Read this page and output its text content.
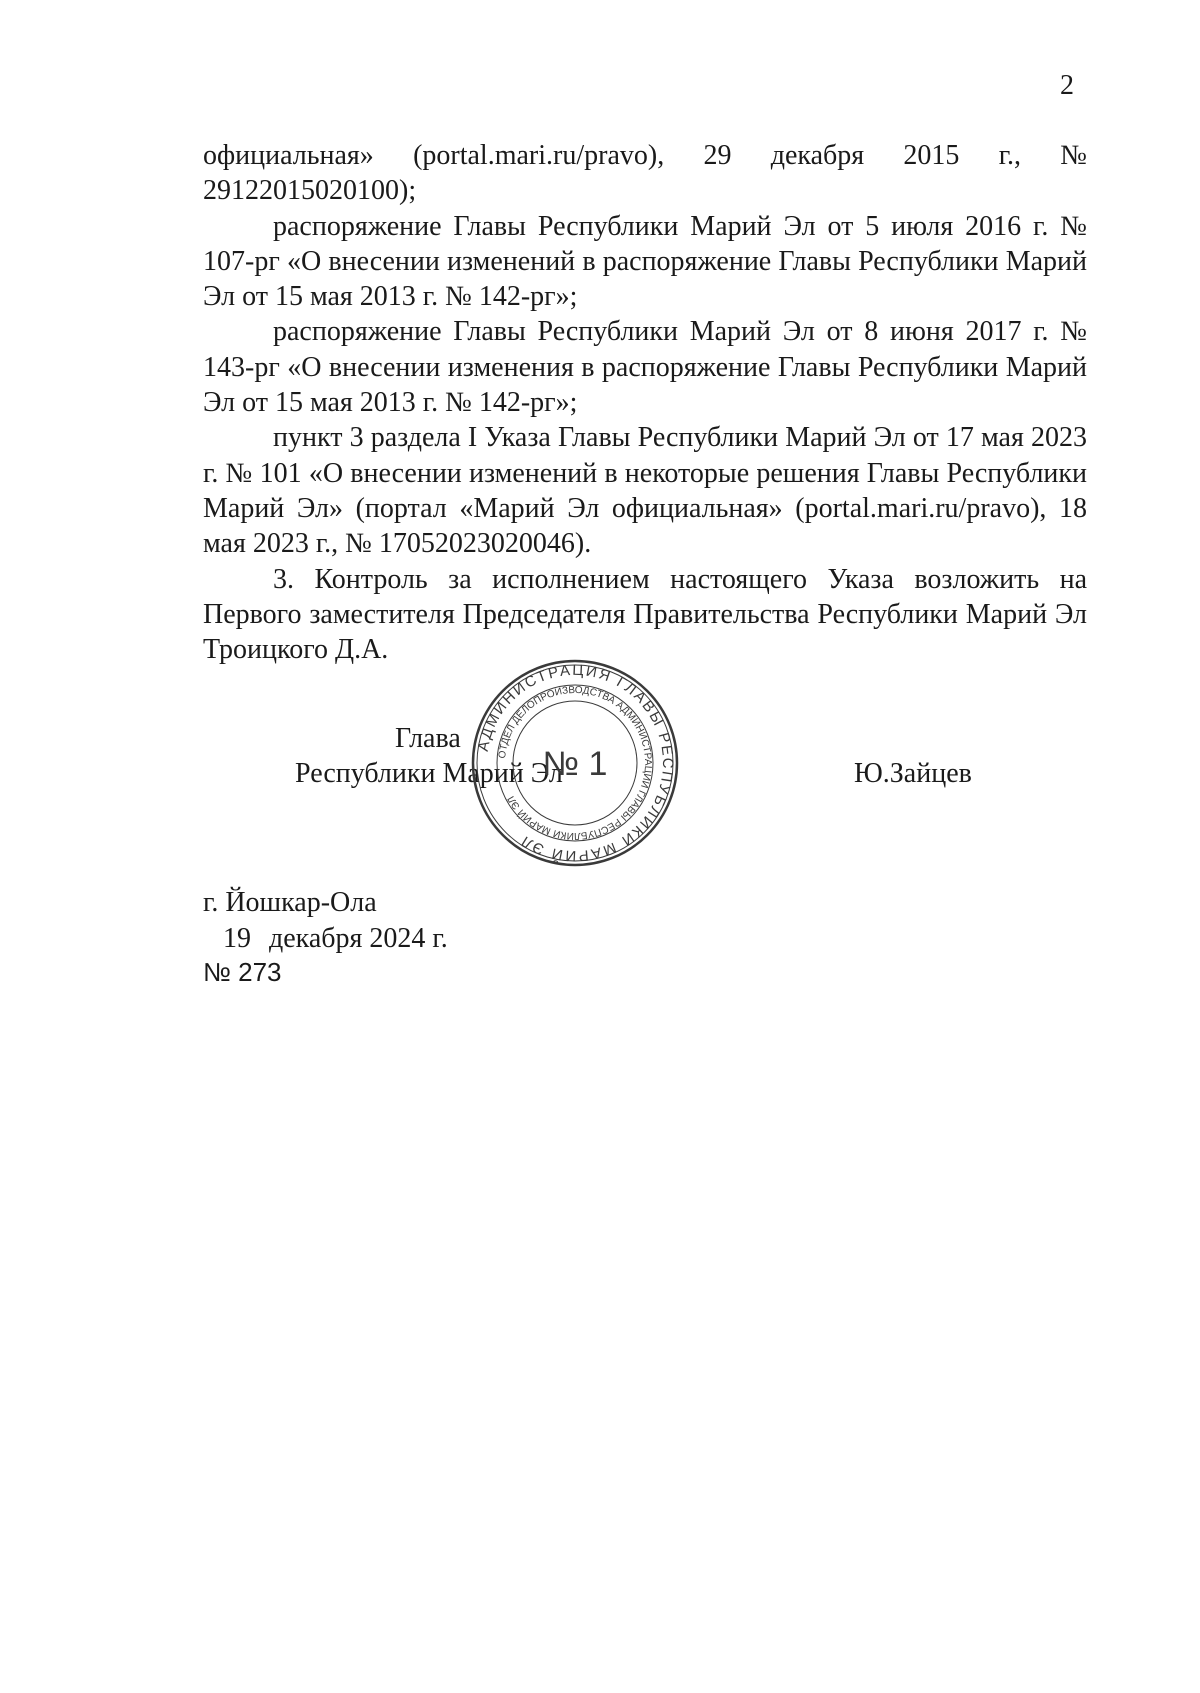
2

официальная» (portal.mari.ru/pravo), 29 декабря 2015 г., № 29122015020100);

распоряжение Главы Республики Марий Эл от 5 июля 2016 г. № 107-рг «О внесении изменений в распоряжение Главы Республики Марий Эл от 15 мая 2013 г. № 142-рг»;

распоряжение Главы Республики Марий Эл от 8 июня 2017 г. № 143-рг «О внесении изменения в распоряжение Главы Республики Марий Эл от 15 мая 2013 г. № 142-рг»;

пункт 3 раздела I Указа Главы Республики Марий Эл от 17 мая 2023 г. № 101 «О внесении изменений в некоторые решения Главы Республики Марий Эл» (портал «Марий Эл официальная» (portal.mari.ru/pravo), 18 мая 2023 г., № 17052023020046).

3. Контроль за исполнением настоящего Указа возложить на Первого заместителя Председателя Правительства Республики Марий Эл Троицкого Д.А.

Глава
Республики Марий Эл	Ю.Зайцев
АДМИНИСТРАЦИЯ ГЛАВЫ РЕСПУБЛИКИ МАРИЙ ЭЛ
ОТДЕЛ ДЕЛОПРОИЗВОДСТВА АДМИНИСТРАЦИИ ГЛАВЫ РЕСПУБЛИКИ МАРИЙ ЭЛ
№ 1
г. Йошкар-Ола
19 декабря 2024 г.
№ 273
